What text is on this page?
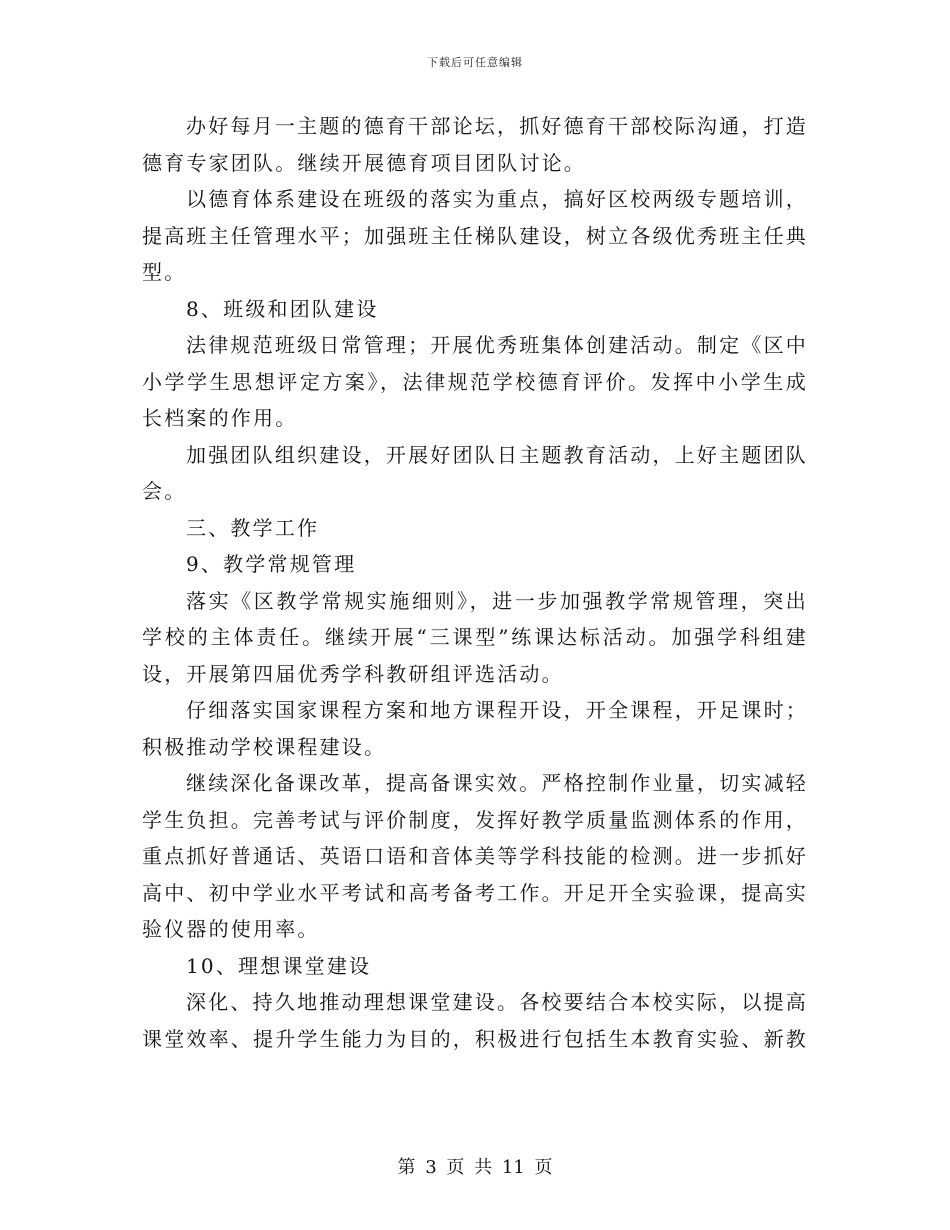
下载后可任意编辑

办好每月一主题的德育干部论坛，抓好德育干部校际沟通，打造德育专家团队。继续开展德育项目团队讨论。

以德育体系建设在班级的落实为重点，搞好区校两级专题培训，提高班主任管理水平；加强班主任梯队建设，树立各级优秀班主任典型。

8、班级和团队建设

法律规范班级日常管理；开展优秀班集体创建活动。制定《区中小学学生思想评定方案》，法律规范学校德育评价。发挥中小学生成长档案的作用。

加强团队组织建设，开展好团队日主题教育活动，上好主题团队会。

三、教学工作

9、教学常规管理

落实《区教学常规实施细则》，进一步加强教学常规管理，突出学校的主体责任。继续开展“三课型”练课达标活动。加强学科组建设，开展第四届优秀学科教研组评选活动。

仔细落实国家课程方案和地方课程开设，开全课程，开足课时；积极推动学校课程建设。

继续深化备课改革，提高备课实效。严格控制作业量，切实减轻学生负担。完善考试与评价制度，发挥好教学质量监测体系的作用，重点抓好普通话、英语口语和音体美等学科技能的检测。进一步抓好高中、初中学业水平考试和高考备考工作。开足开全实验课，提高实验仪器的使用率。

10、理想课堂建设

深化、持久地推动理想课堂建设。各校要结合本校实际，以提高课堂效率、提升学生能力为目的，积极进行包括生本教育实验、新教

第 3 页 共 11 页
